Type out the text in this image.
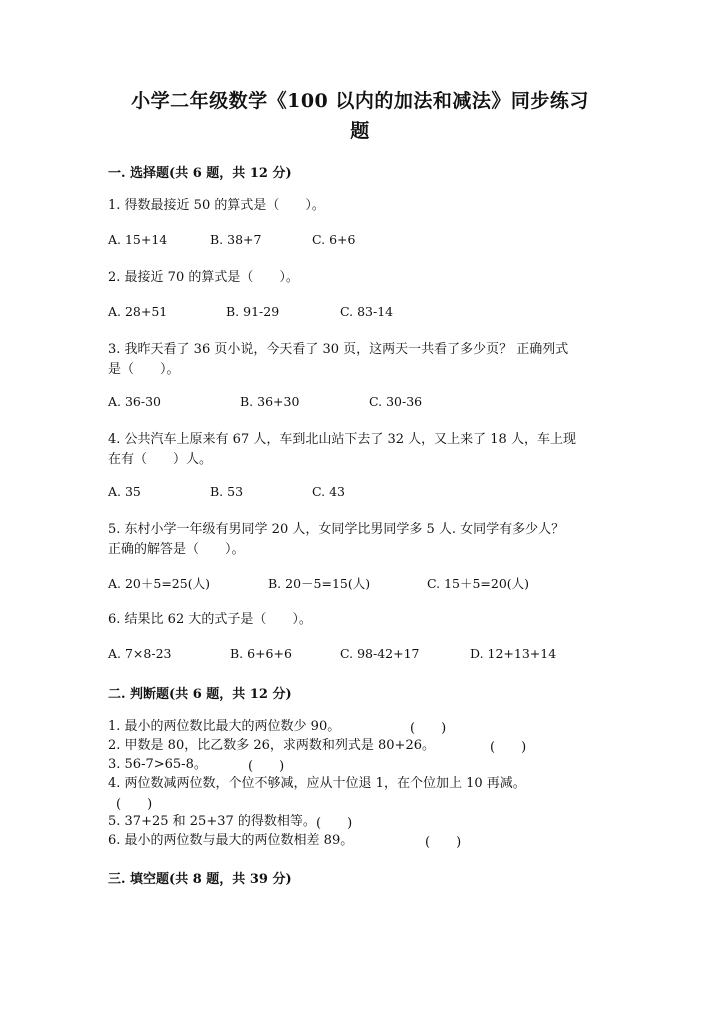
小学二年级数学《100 以内的加法和减法》同步练习
题
一. 选择题(共 6 题，共 12 分)
1. 得数最接近 50 的算式是（　　）。
A. 15+14	B. 38+7	C. 6+6
2. 最接近 70 的算式是（　　）。
A. 28+51	B. 91-29	C. 83-14
3. 我昨天看了 36 页小说，今天看了 30 页，这两天一共看了多少页？ 正确列式
是（　　）。
A. 36-30	B. 36+30	C. 30-36
4. 公共汽车上原来有 67 人，车到北山站下去了 32 人，又上来了 18 人，车上现
在有（　　）人。
A. 35	B. 53	C. 43
5. 东村小学一年级有男同学 20 人，女同学比男同学多 5 人. 女同学有多少人？
正确的解答是（　　）。
A. 20＋5=25(人)	B. 20－5=15(人)	C. 15＋5=20(人)
6. 结果比 62 大的式子是（　　）。
A. 7×8-23	B. 6+6+6	C. 98-42+17	D. 12+13+14
二. 判断题(共 6 题，共 12 分)
1. 最小的两位数比最大的两位数少 90。	(　　)
2. 甲数是 80，比乙数多 26，求两数和列式是 80+26。	(　　)
3. 56-7>65-8。	(　　)
4. 两位数减两位数，个位不够减，应从十位退 1，在个位加上 10 再减。
(　　)
5. 37+25 和 25+37 的得数相等。 (　　)
6. 最小的两位数与最大的两位数相差 89。	(　　)
三. 填空题(共 8 题，共 39 分)
